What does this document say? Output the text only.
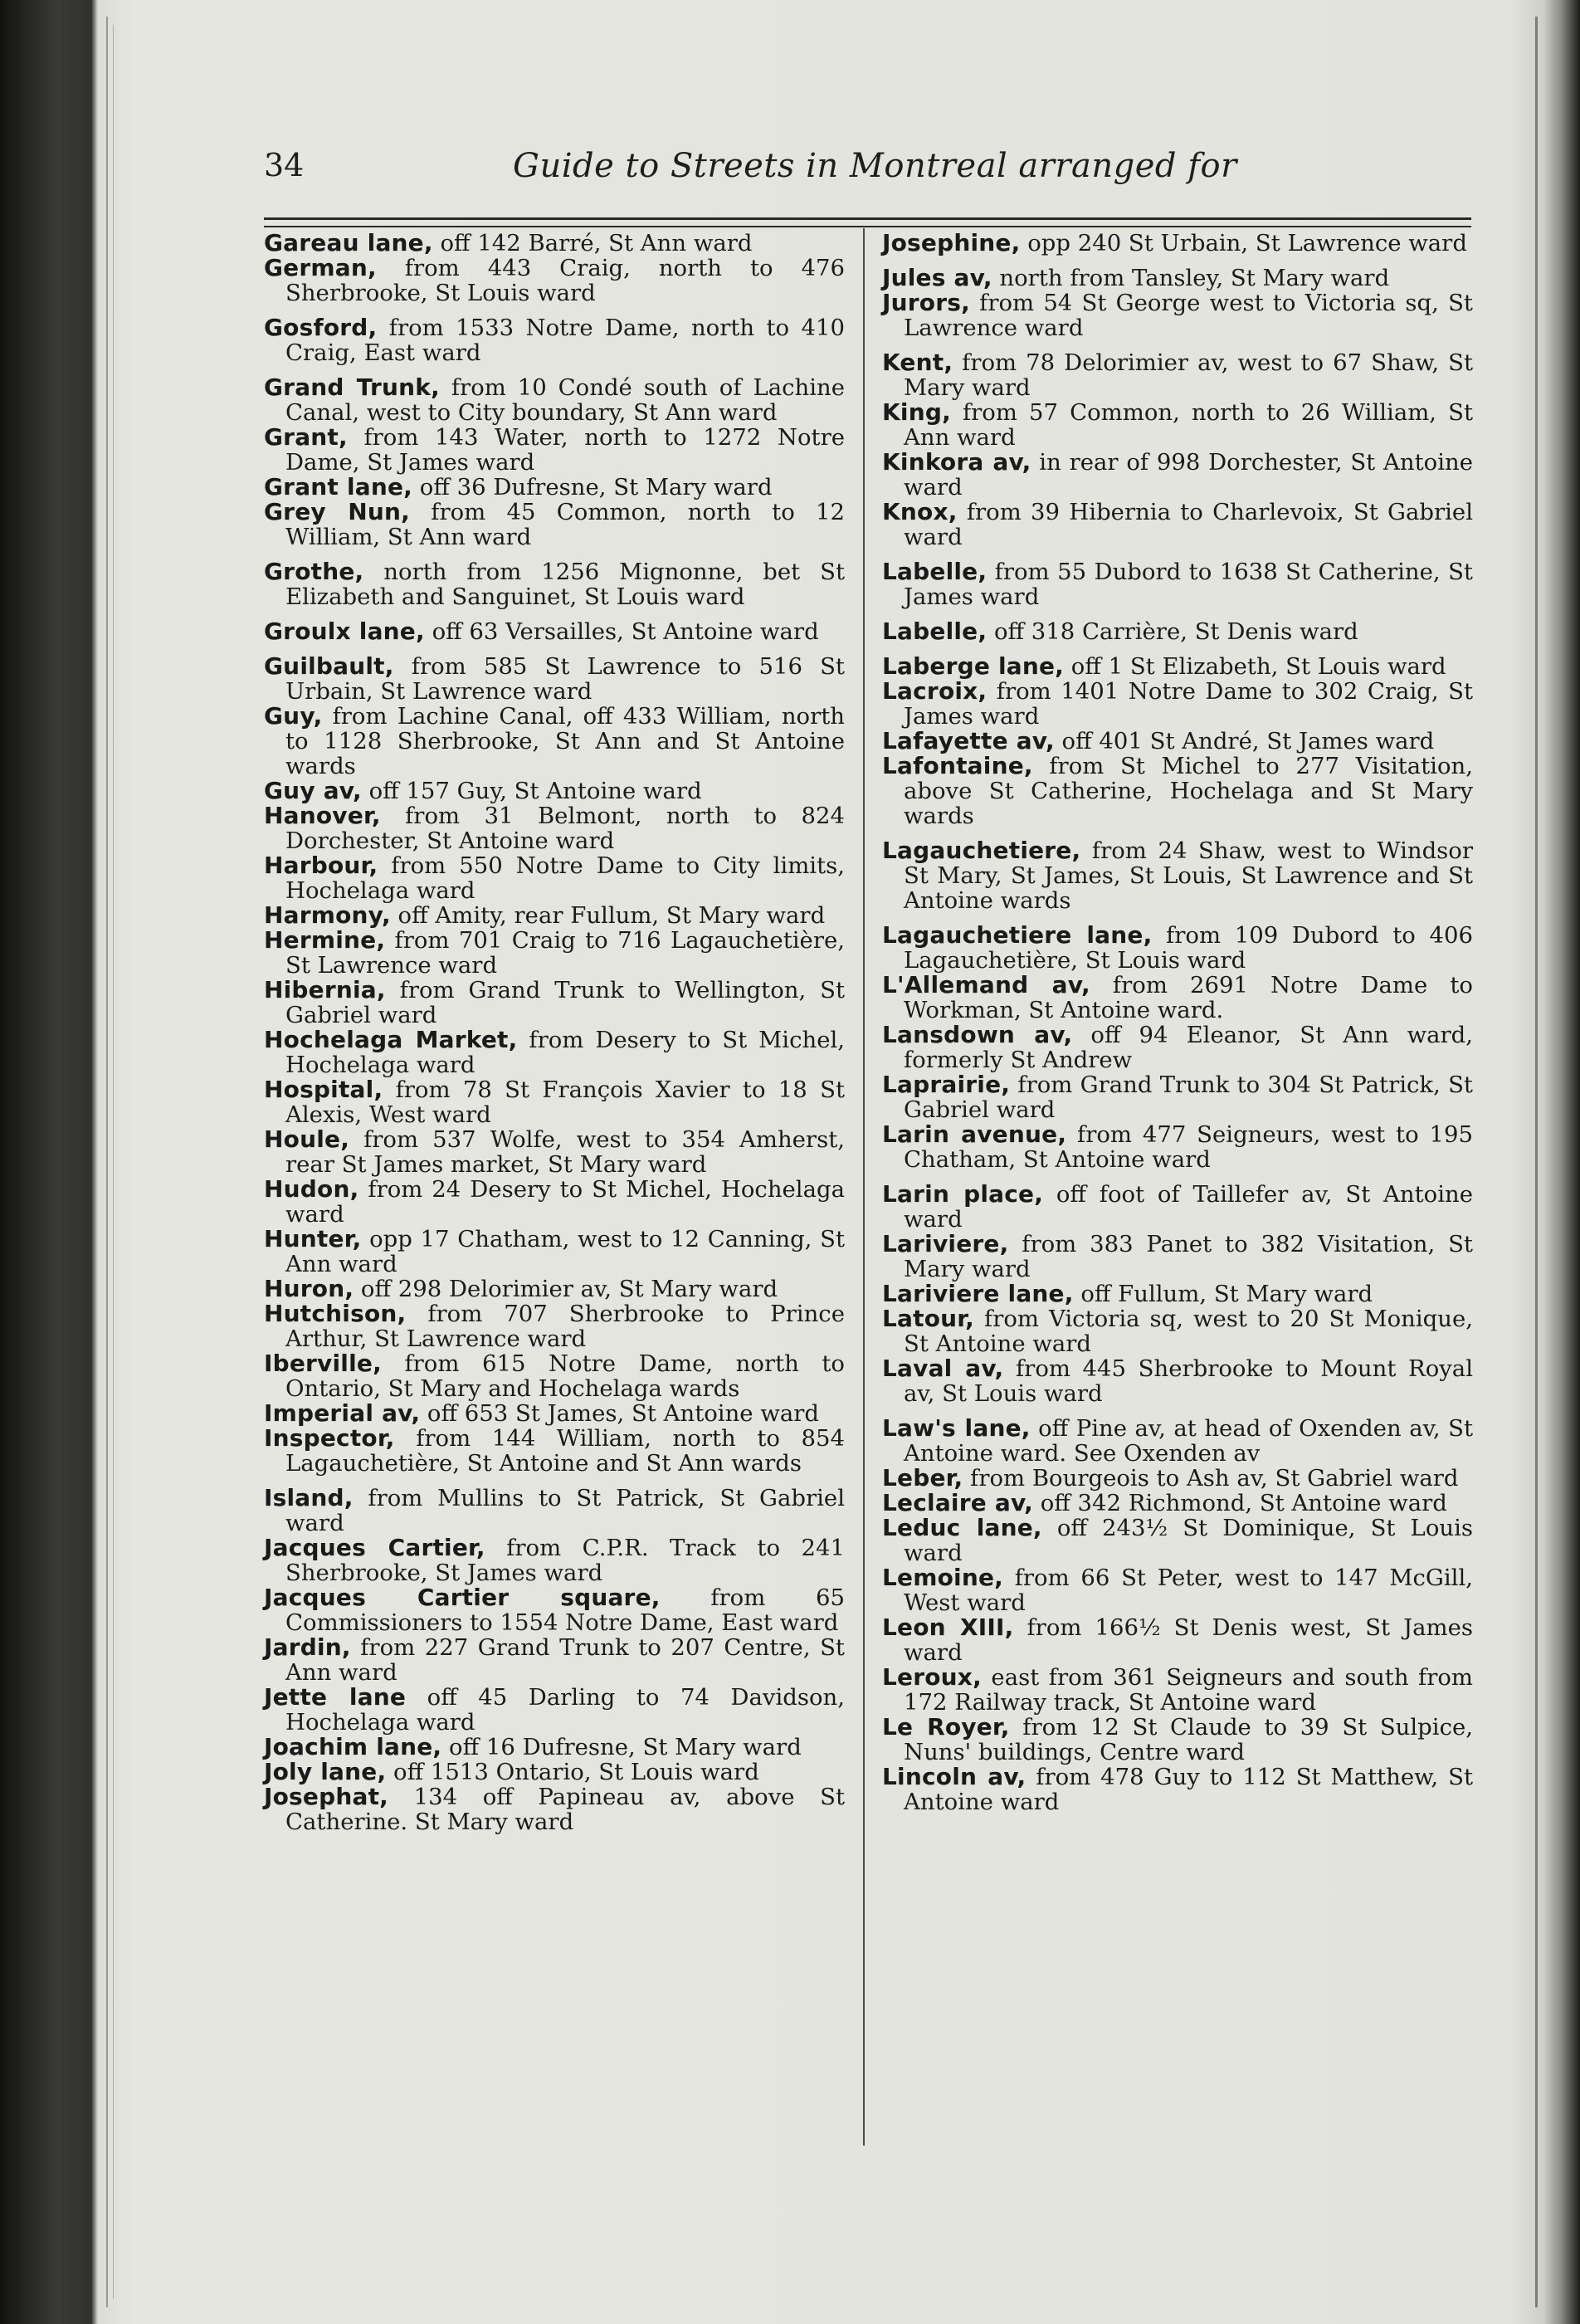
34	Guide to Streets in Montreal arranged for
Gareau lane, off 142 Barré, St Ann ward
German, from 443 Craig, north to 476 Sherbrooke, St Louis ward
Gosford, from 1533 Notre Dame, north to 410 Craig, East ward
Grand Trunk, from 10 Condé south of Lachine Canal, west to City boundary, St Ann ward
Grant, from 143 Water, north to 1272 Notre Dame, St James ward
Grant lane, off 36 Dufresne, St Mary ward
Grey Nun, from 45 Common, north to 12 William, St Ann ward
Grothe, north from 1256 Mignonne, bet St Elizabeth and Sanguinet, St Louis ward
Groulx lane, off 63 Versailles, St Antoine ward
Guilbault, from 585 St Lawrence to 516 St Urbain, St Lawrence ward
Guy, from Lachine Canal, off 433 William, north to 1128 Sherbrooke, St Ann and St Antoine wards
Guy av, off 157 Guy, St Antoine ward
Hanover, from 31 Belmont, north to 824 Dorchester, St Antoine ward
Harbour, from 550 Notre Dame to City limits, Hochelaga ward
Harmony, off Amity, rear Fullum, St Mary ward
Hermine, from 701 Craig to 716 Lagauchetière, St Lawrence ward
Hibernia, from Grand Trunk to Wellington, St Gabriel ward
Hochelaga Market, from Desery to St Michel, Hochelaga ward
Hospital, from 78 St François Xavier to 18 St Alexis, West ward
Houle, from 537 Wolfe, west to 354 Amherst, rear St James market, St Mary ward
Hudon, from 24 Desery to St Michel, Hochelaga ward
Hunter, opp 17 Chatham, west to 12 Canning, St Ann ward
Huron, off 298 Delorimier av, St Mary ward
Hutchison, from 707 Sherbrooke to Prince Arthur, St Lawrence ward
Iberville, from 615 Notre Dame, north to Ontario, St Mary and Hochelaga wards
Imperial av, off 653 St James, St Antoine ward
Inspector, from 144 William, north to 854 Lagauchetière, St Antoine and St Ann wards
Island, from Mullins to St Patrick, St Gabriel ward
Jacques Cartier, from C.P.R. Track to 241 Sherbrooke, St James ward
Jacques Cartier square, from 65 Commissioners to 1554 Notre Dame, East ward
Jardin, from 227 Grand Trunk to 207 Centre, St Ann ward
Jette lane off 45 Darling to 74 Davidson, Hochelaga ward
Joachim lane, off 16 Dufresne, St Mary ward
Joly lane, off 1513 Ontario, St Louis ward
Josephat, 134 off Papineau av, above St Catherine. St Mary ward
Josephine, opp 240 St Urbain, St Lawrence ward
Jules av, north from Tansley, St Mary ward
Jurors, from 54 St George west to Victoria sq, St Lawrence ward
Kent, from 78 Delorimier av, west to 67 Shaw, St Mary ward
King, from 57 Common, north to 26 William, St Ann ward
Kinkora av, in rear of 998 Dorchester, St Antoine ward
Knox, from 39 Hibernia to Charlevoix, St Gabriel ward
Labelle, from 55 Dubord to 1638 St Catherine, St James ward
Labelle, off 318 Carrière, St Denis ward
Laberge lane, off 1 St Elizabeth, St Louis ward
Lacroix, from 1401 Notre Dame to 302 Craig, St James ward
Lafayette av, off 401 St André, St James ward
Lafontaine, from St Michel to 277 Visitation, above St Catherine, Hochelaga and St Mary wards
Lagauchetiere, from 24 Shaw, west to Windsor St Mary, St James, St Louis, St Lawrence and St Antoine wards
Lagauchetiere lane, from 109 Dubord to 406 Lagauchetière, St Louis ward
L'Allemand av, from 2691 Notre Dame to Workman, St Antoine ward.
Lansdown av, off 94 Eleanor, St Ann ward, formerly St Andrew
Laprairie, from Grand Trunk to 304 St Patrick, St Gabriel ward
Larin avenue, from 477 Seigneurs, west to 195 Chatham, St Antoine ward
Larin place, off foot of Taillefer av, St Antoine ward
Lariviere, from 383 Panet to 382 Visitation, St Mary ward
Lariviere lane, off Fullum, St Mary ward
Latour, from Victoria sq, west to 20 St Monique, St Antoine ward
Laval av, from 445 Sherbrooke to Mount Royal av, St Louis ward
Law's lane, off Pine av, at head of Oxenden av, St Antoine ward. See Oxenden av
Leber, from Bourgeois to Ash av, St Gabriel ward
Leclaire av, off 342 Richmond, St Antoine ward
Leduc lane, off 243½ St Dominique, St Louis ward
Lemoine, from 66 St Peter, west to 147 McGill, West ward
Leon XIII, from 166½ St Denis west, St James ward
Leroux, east from 361 Seigneurs and south from 172 Railway track, St Antoine ward
Le Royer, from 12 St Claude to 39 St Sulpice, Nuns' buildings, Centre ward
Lincoln av, from 478 Guy to 112 St Matthew, St Antoine ward
